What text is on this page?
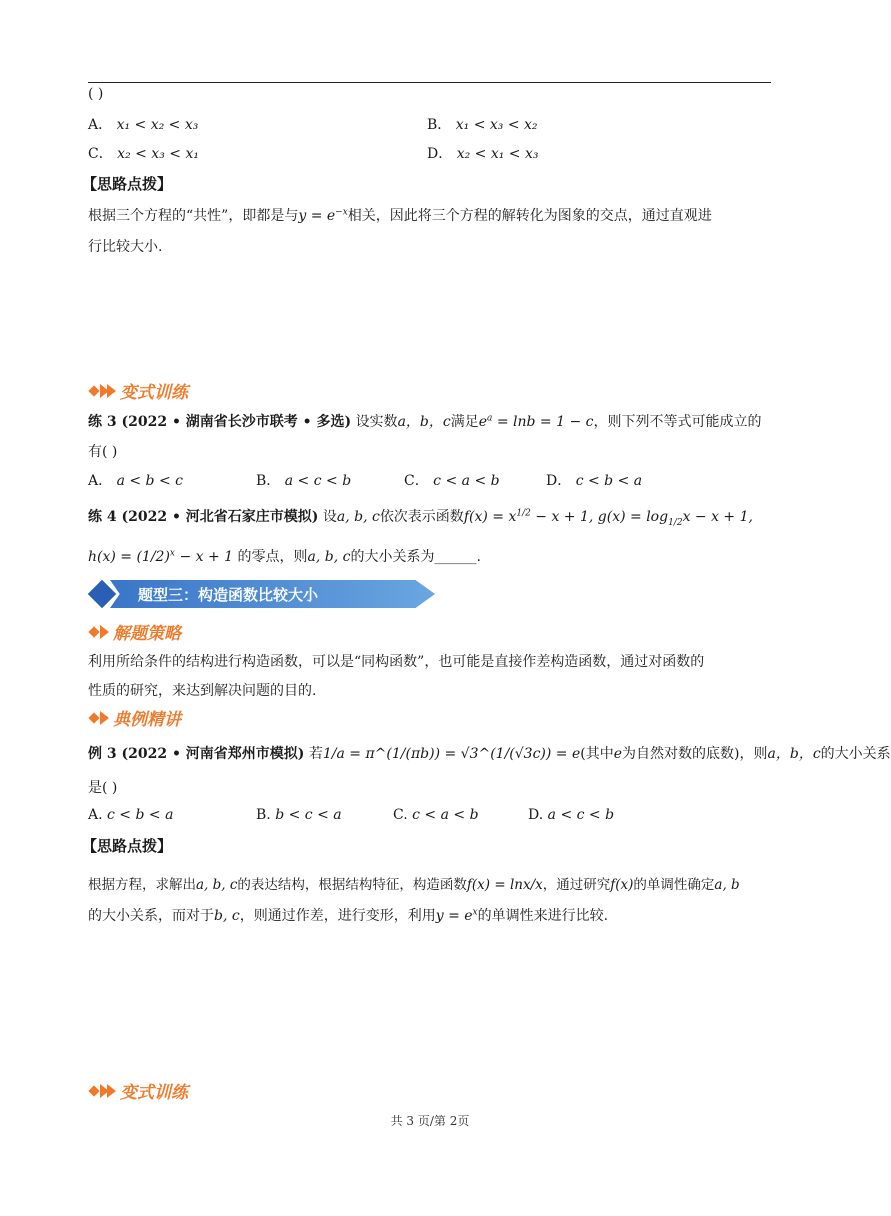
( )
A． x₁ < x₂ < x₃	B． x₁ < x₃ < x₂
C． x₂ < x₃ < x₁	D． x₂ < x₁ < x₃
【思路点拨】
根据三个方程的“共性”，即都是与$y = e^{-x}$相关，因此将三个方程的解转化为图象的交点，通过直观进
行比较大小.
变式训练
练 3 (2022 • 湖南省长沙市联考 • 多选) 设实数a，b，c满足$e^a = \ln b = 1 - c$，则下列不等式可能成立的
有( )
A． a < b < c	B． a < c < b	C． c < a < b	D． c < b < a
练 4 (2022 • 河北省石家庄市模拟) 设a, b, c依次表示函数$f(x) = x^{1/2} - x + 1$, $g(x) = \log_{1/2}x - x + 1$,
$h(x) = (1/2)^x - x + 1$ 的零点，则a, b, c的大小关系为______.
题型三：构造函数比较大小
解题策略
利用所给条件的结构进行构造函数，可以是“同构函数”，也可能是直接作差构造函数，通过对函数的
性质的研究，来达到解决问题的目的.
典例精讲
例 3 (2022 • 河南省郑州市模拟) 若1/a = π^(1/(πb)) = √3^(1/(√3c)) = e(其中e为自然对数的底数)，则a，b，c的大小关系
是( )
A. c < b < a	B. b < c < a	C. c < a < b	D. a < c < b
【思路点拨】
根据方程，求解出a, b, c的表达结构，根据结构特征，构造函数f(x) = lnx/x，通过研究f(x)的单调性确定a, b
的大小关系，而对于b, c，则通过作差，进行变形，利用$y = e^x$的单调性来进行比较.
变式训练
共 3 页/第 2页
